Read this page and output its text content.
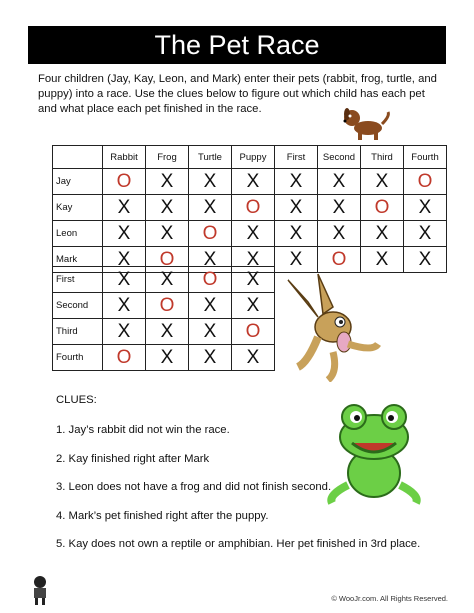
The Pet Race
Four children (Jay, Kay, Leon, and Mark) enter their pets (rabbit, frog, turtle, and puppy) into a race. Use the clues below to figure out which child has each pet and what place each pet finished in the race.
	Rabbit	Frog	Turtle	Puppy	First	Second	Third	Fourth
Jay	O	X	X	X	X	X	X	O
Kay	X	X	X	O	X	X	O	X
Leon	X	X	O	X	X	X	X	X
Mark	X	O	X	X	X	O	X	X
First	X	X	O	X
Second	X	O	X	X
Third	X	X	X	O
Fourth	O	X	X	X
CLUES:
1. Jay’s rabbit did not win the race.
2. Kay finished right after Mark
3. Leon does not have a frog and did not finish second.
4. Mark’s pet finished right after the puppy.
5. Kay does not own a reptile or amphibian. Her pet finished in 3rd place.
© WooJr.com. All Rights Reserved.
